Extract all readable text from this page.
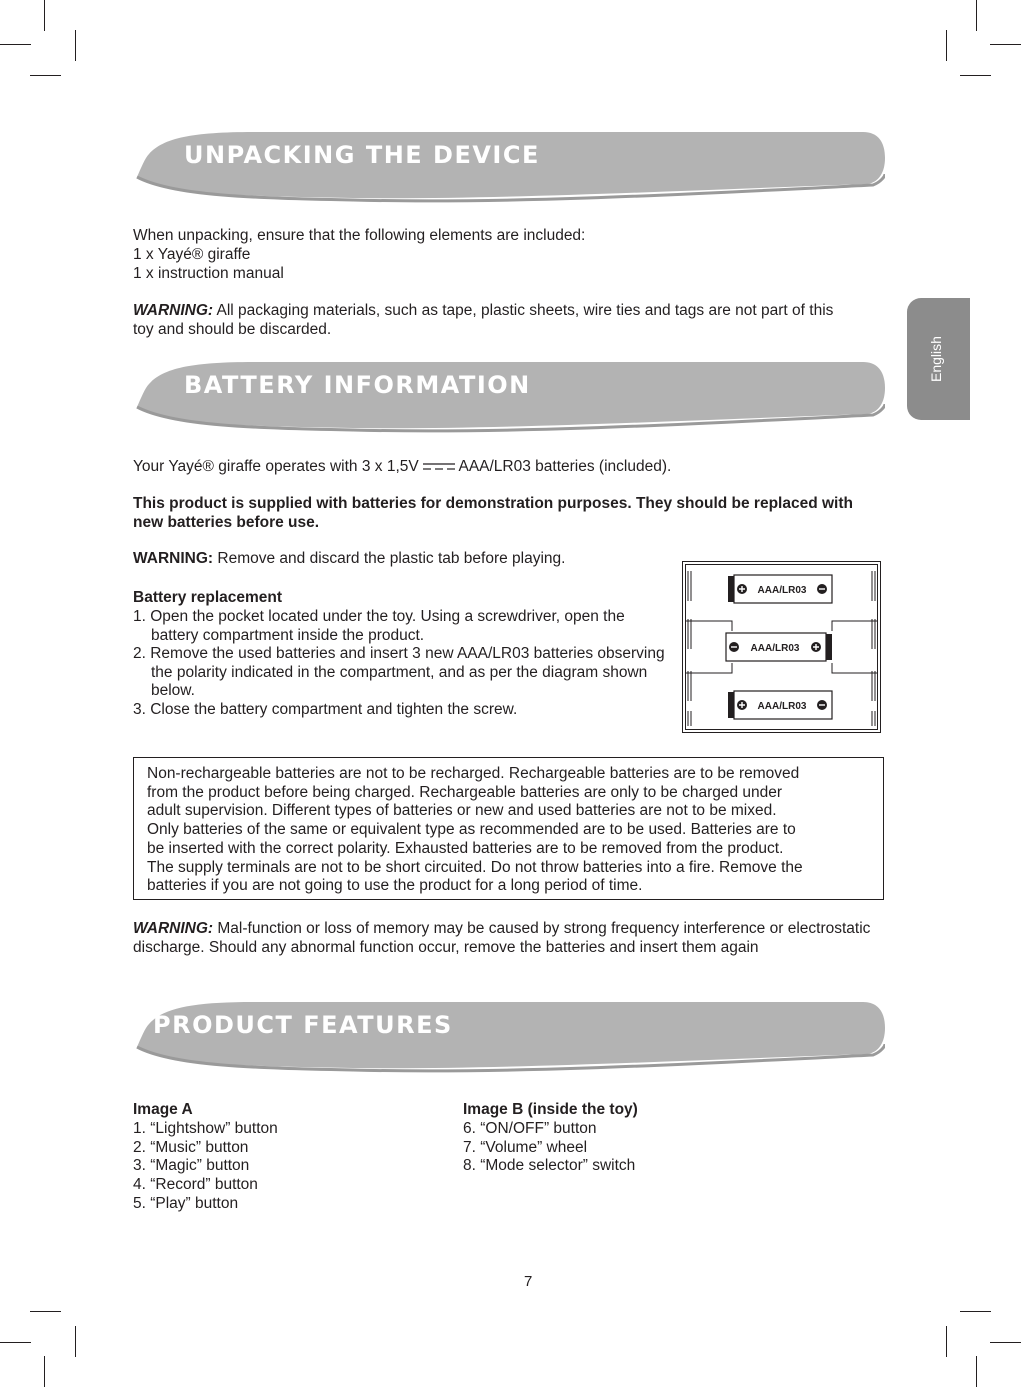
English
UNPACKING THE DEVICE

When unpacking, ensure that the following elements are included:

1 x Yayé® giraffe

1 x instruction manual

WARNING: All packaging materials, such as tape, plastic sheets, wire ties and tags are not part of this

toy and should be discarded.

BATTERY INFORMATION

Your Yayé® giraffe operates with 3 x 1,5V  AAA/LR03 batteries (included).

This product is supplied with batteries for demonstration purposes. They should be replaced with new batteries before use.

WARNING: Remove and discard the plastic tab before playing.

Battery replacement

1. Open the pocket located under the toy. Using a screwdriver, open the battery compartment inside the product.

2. Remove the used batteries and insert 3 new AAA/LR03 batteries observing the polarity indicated in the compartment, and as per the diagram shown below.

3. Close the battery compartment and tighten the screw.

AAA/LR03
AAA/LR03
AAA/LR03
Non-rechargeable batteries are not to be recharged. Rechargeable batteries are to be removed
from the product before being charged. Rechargeable batteries are only to be charged under
adult supervision. Different types of batteries or new and used batteries are not to be mixed.
Only batteries of the same or equivalent type as recommended are to be used. Batteries are to
be inserted with the correct polarity. Exhausted batteries are to be removed from the product.
The supply terminals are not to be short circuited. Do not throw batteries into a fire. Remove the
batteries if you are not going to use the product for a long period of time.

WARNING: Mal-function or loss of memory may be caused by strong frequency interference or electrostatic discharge. Should any abnormal function occur, remove the batteries and insert them again

PRODUCT FEATURES

Image A

1. “Lightshow” button

2. “Music” button

3. “Magic” button

4. “Record” button

5. “Play” button

Image B (inside the toy)

6. “ON/OFF” button

7. “Volume” wheel

8. “Mode selector” switch

7
